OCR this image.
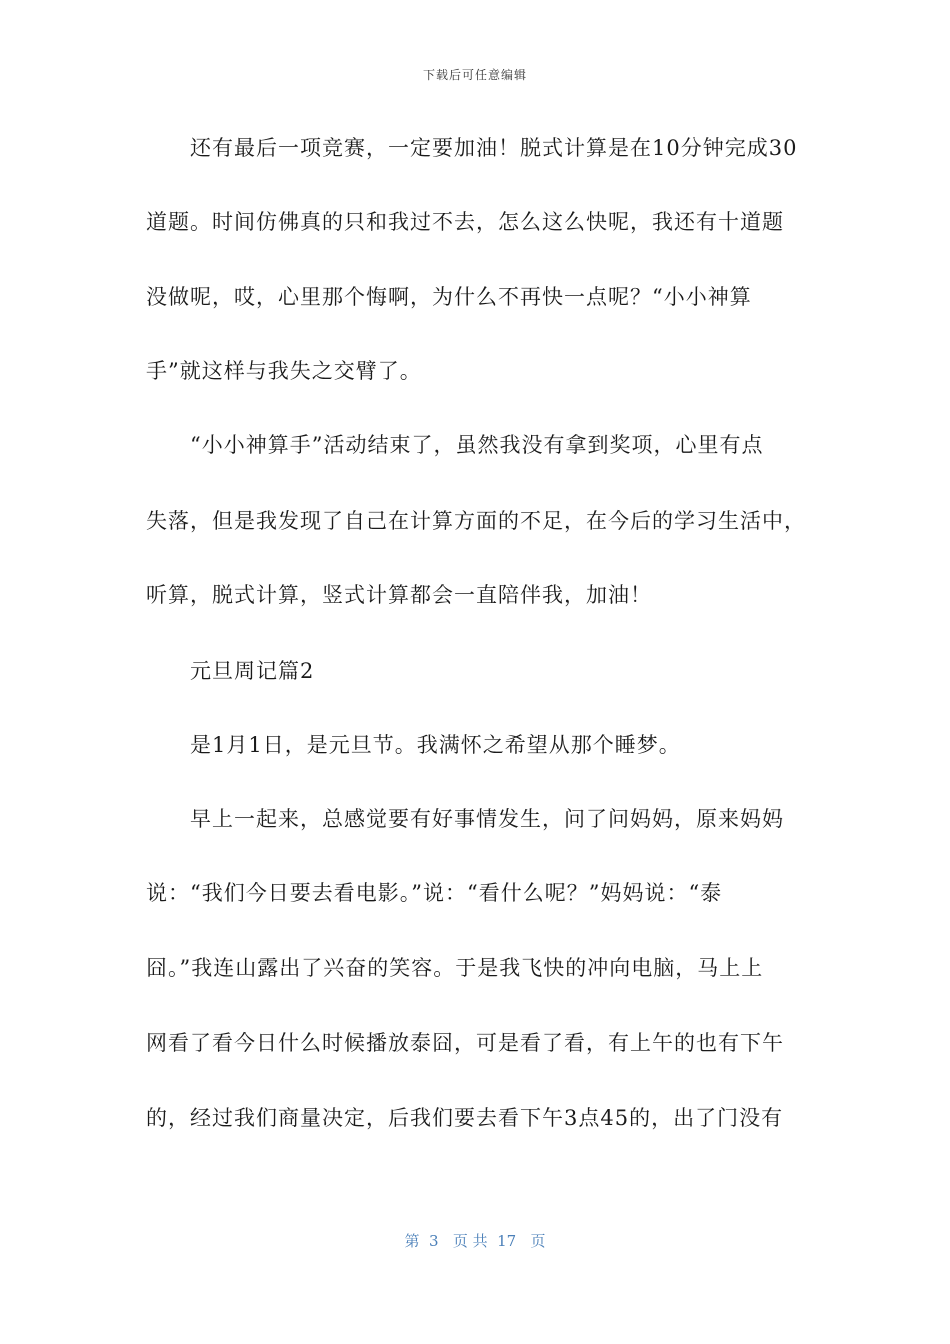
下载后可任意编辑
还有最后一项竞赛，一定要加油！脱式计算是在10分钟完成30
道题。时间仿佛真的只和我过不去，怎么这么快呢，我还有十道题
没做呢，哎，心里那个悔啊，为什么不再快一点呢？“小小神算
手”就这样与我失之交臂了。
“小小神算手”活动结束了，虽然我没有拿到奖项，心里有点
失落，但是我发现了自己在计算方面的不足，在今后的学习生活中，
听算，脱式计算，竖式计算都会一直陪伴我，加油！
元旦周记篇2
是1月1日，是元旦节。我满怀之希望从那个睡梦。
早上一起来，总感觉要有好事情发生，问了问妈妈，原来妈妈
说：“我们今日要去看电影。”说：“看什么呢？”妈妈说：“泰
囧。”我连山露出了兴奋的笑容。于是我飞快的冲向电脑，马上上
网看了看今日什么时候播放泰囧，可是看了看，有上午的也有下午
的，经过我们商量决定，后我们要去看下午3点45的，出了门没有
第  3   页 共  17   页
